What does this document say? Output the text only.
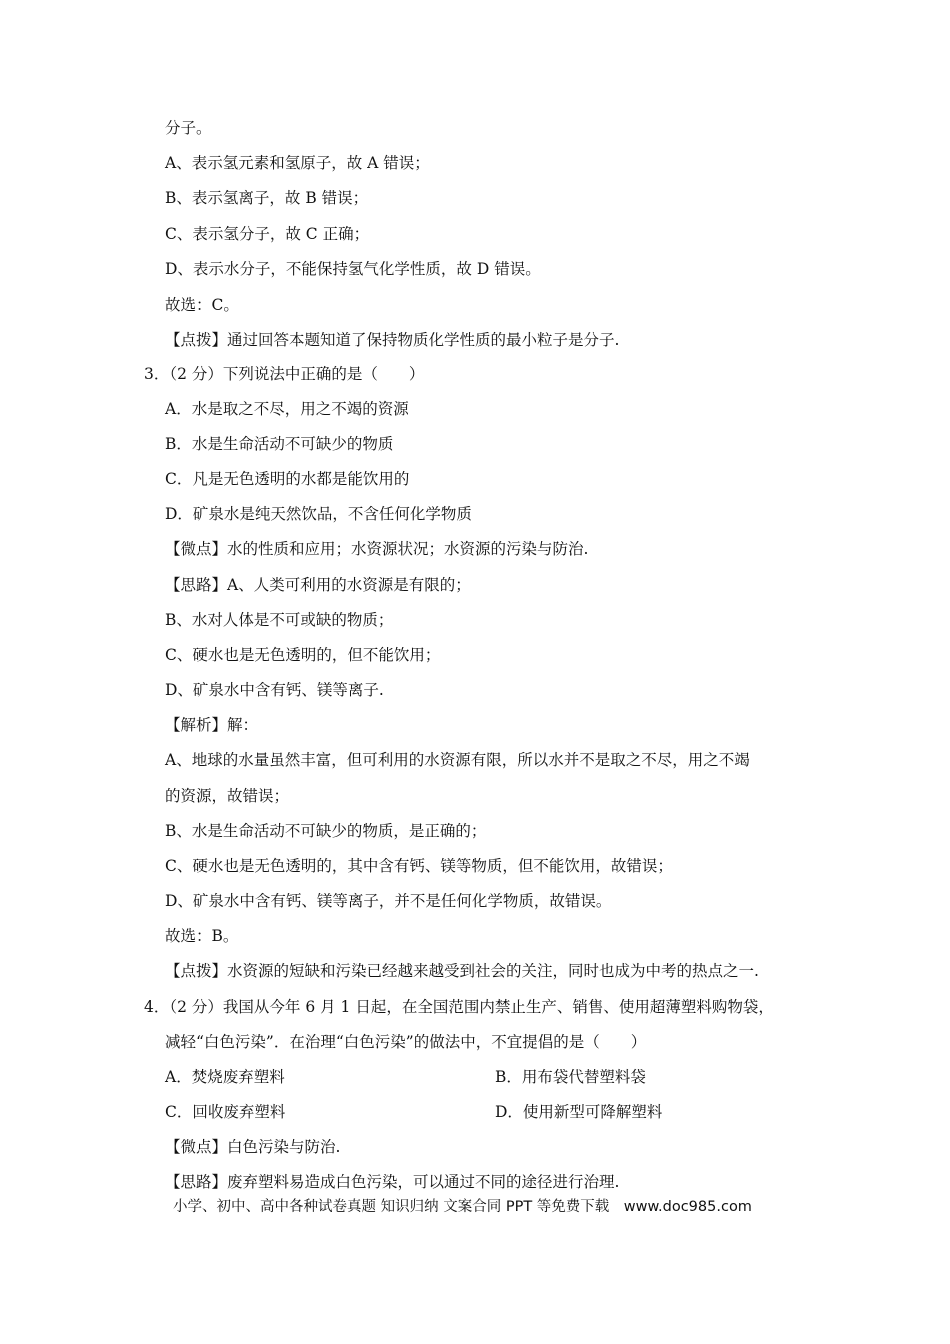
分子。
A、表示氢元素和氢原子，故 A 错误；
B、表示氢离子，故 B 错误；
C、表示氢分子，故 C 正确；
D、表示水分子，不能保持氢气化学性质，故 D 错误。
故选：C。
【点拨】通过回答本题知道了保持物质化学性质的最小粒子是分子.
3．（2 分）下列说法中正确的是（　　）
A．水是取之不尽，用之不竭的资源
B．水是生命活动不可缺少的物质
C．凡是无色透明的水都是能饮用的
D．矿泉水是纯天然饮品，不含任何化学物质
【微点】水的性质和应用；水资源状况；水资源的污染与防治.
【思路】A、人类可利用的水资源是有限的；
B、水对人体是不可或缺的物质；
C、硬水也是无色透明的，但不能饮用；
D、矿泉水中含有钙、镁等离子.
【解析】解：
A、地球的水量虽然丰富，但可利用的水资源有限，所以水并不是取之不尽，用之不竭
的资源，故错误；
B、水是生命活动不可缺少的物质，是正确的；
C、硬水也是无色透明的，其中含有钙、镁等物质，但不能饮用，故错误；
D、矿泉水中含有钙、镁等离子，并不是任何化学物质，故错误。
故选：B。
【点拨】水资源的短缺和污染已经越来越受到社会的关注，同时也成为中考的热点之一.
4．（2 分）我国从今年 6 月 1 日起，在全国范围内禁止生产、销售、使用超薄塑料购物袋，
减轻“白色污染”．在治理“白色污染”的做法中，不宜提倡的是（　　）
A．焚烧废弃塑料	B．用布袋代替塑料袋
C．回收废弃塑料	D．使用新型可降解塑料
【微点】白色污染与防治.
【思路】废弃塑料易造成白色污染，可以通过不同的途径进行治理.
小学、初中、高中各种试卷真题 知识归纳 文案合同 PPT 等免费下载　www.doc985.com
